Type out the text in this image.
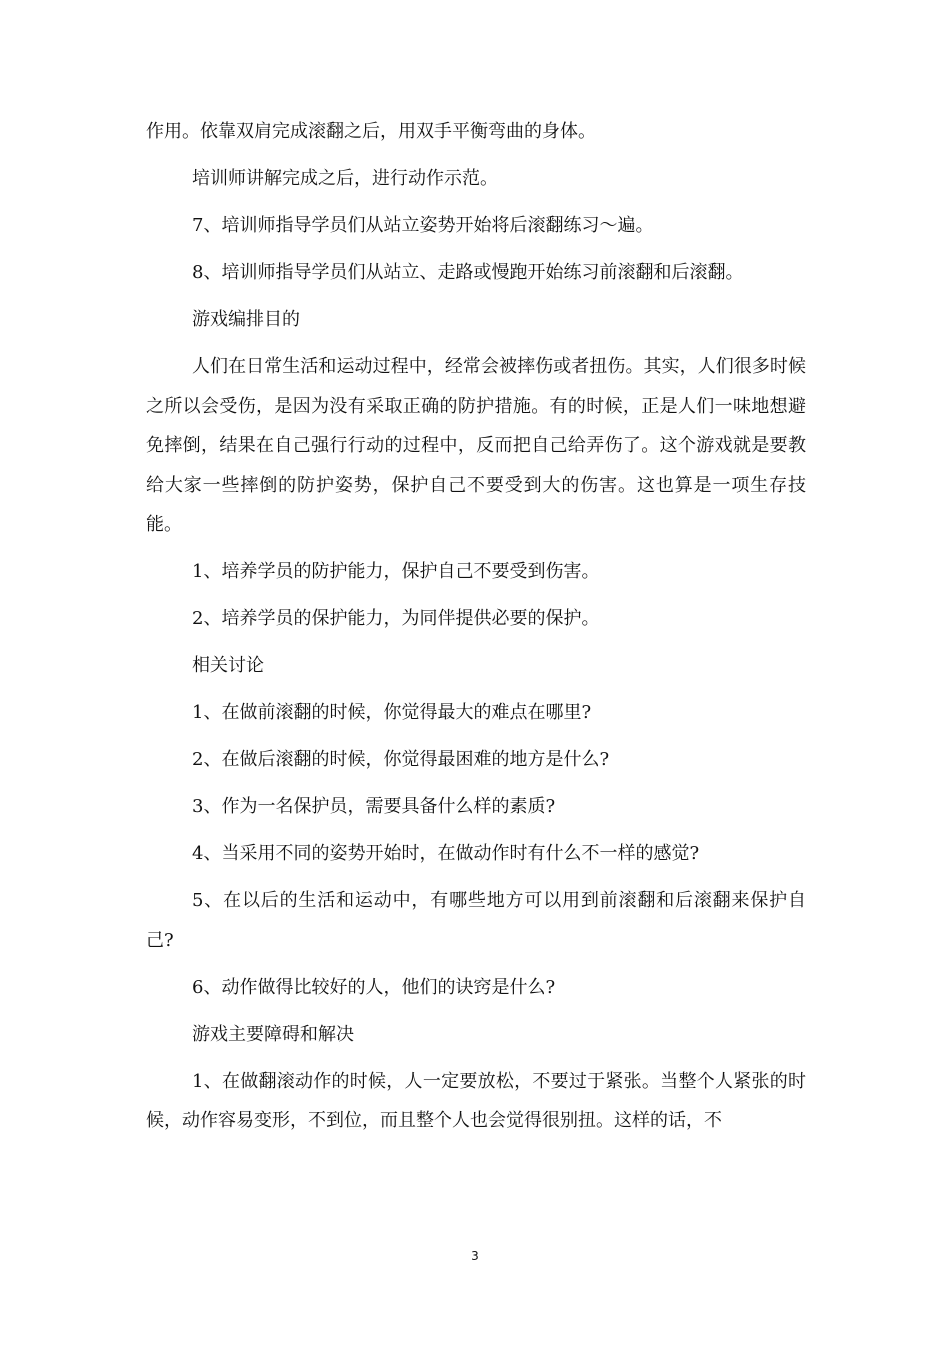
作用。依靠双肩完成滚翻之后，用双手平衡弯曲的身体。

培训师讲解完成之后，进行动作示范。

7、培训师指导学员们从站立姿势开始将后滚翻练习～遍。

8、培训师指导学员们从站立、走路或慢跑开始练习前滚翻和后滚翻。

游戏编排目的

人们在日常生活和运动过程中，经常会被摔伤或者扭伤。其实，人们很多时候之所以会受伤，是因为没有采取正确的防护措施。有的时候，正是人们一味地想避免摔倒，结果在自己强行行动的过程中，反而把自己给弄伤了。这个游戏就是要教给大家一些摔倒的防护姿势，保护自己不要受到大的伤害。这也算是一项生存技能。

1、培养学员的防护能力，保护自己不要受到伤害。

2、培养学员的保护能力，为同伴提供必要的保护。

相关讨论

1、在做前滚翻的时候，你觉得最大的难点在哪里?

2、在做后滚翻的时候，你觉得最困难的地方是什么?

3、作为一名保护员，需要具备什么样的素质?

4、当采用不同的姿势开始时，在做动作时有什么不一样的感觉?

5、在以后的生活和运动中，有哪些地方可以用到前滚翻和后滚翻来保护自己?

6、动作做得比较好的人，他们的诀窍是什么?

游戏主要障碍和解决

1、在做翻滚动作的时候，人一定要放松，不要过于紧张。当整个人紧张的时候，动作容易变形，不到位，而且整个人也会觉得很别扭。这样的话，不

3
